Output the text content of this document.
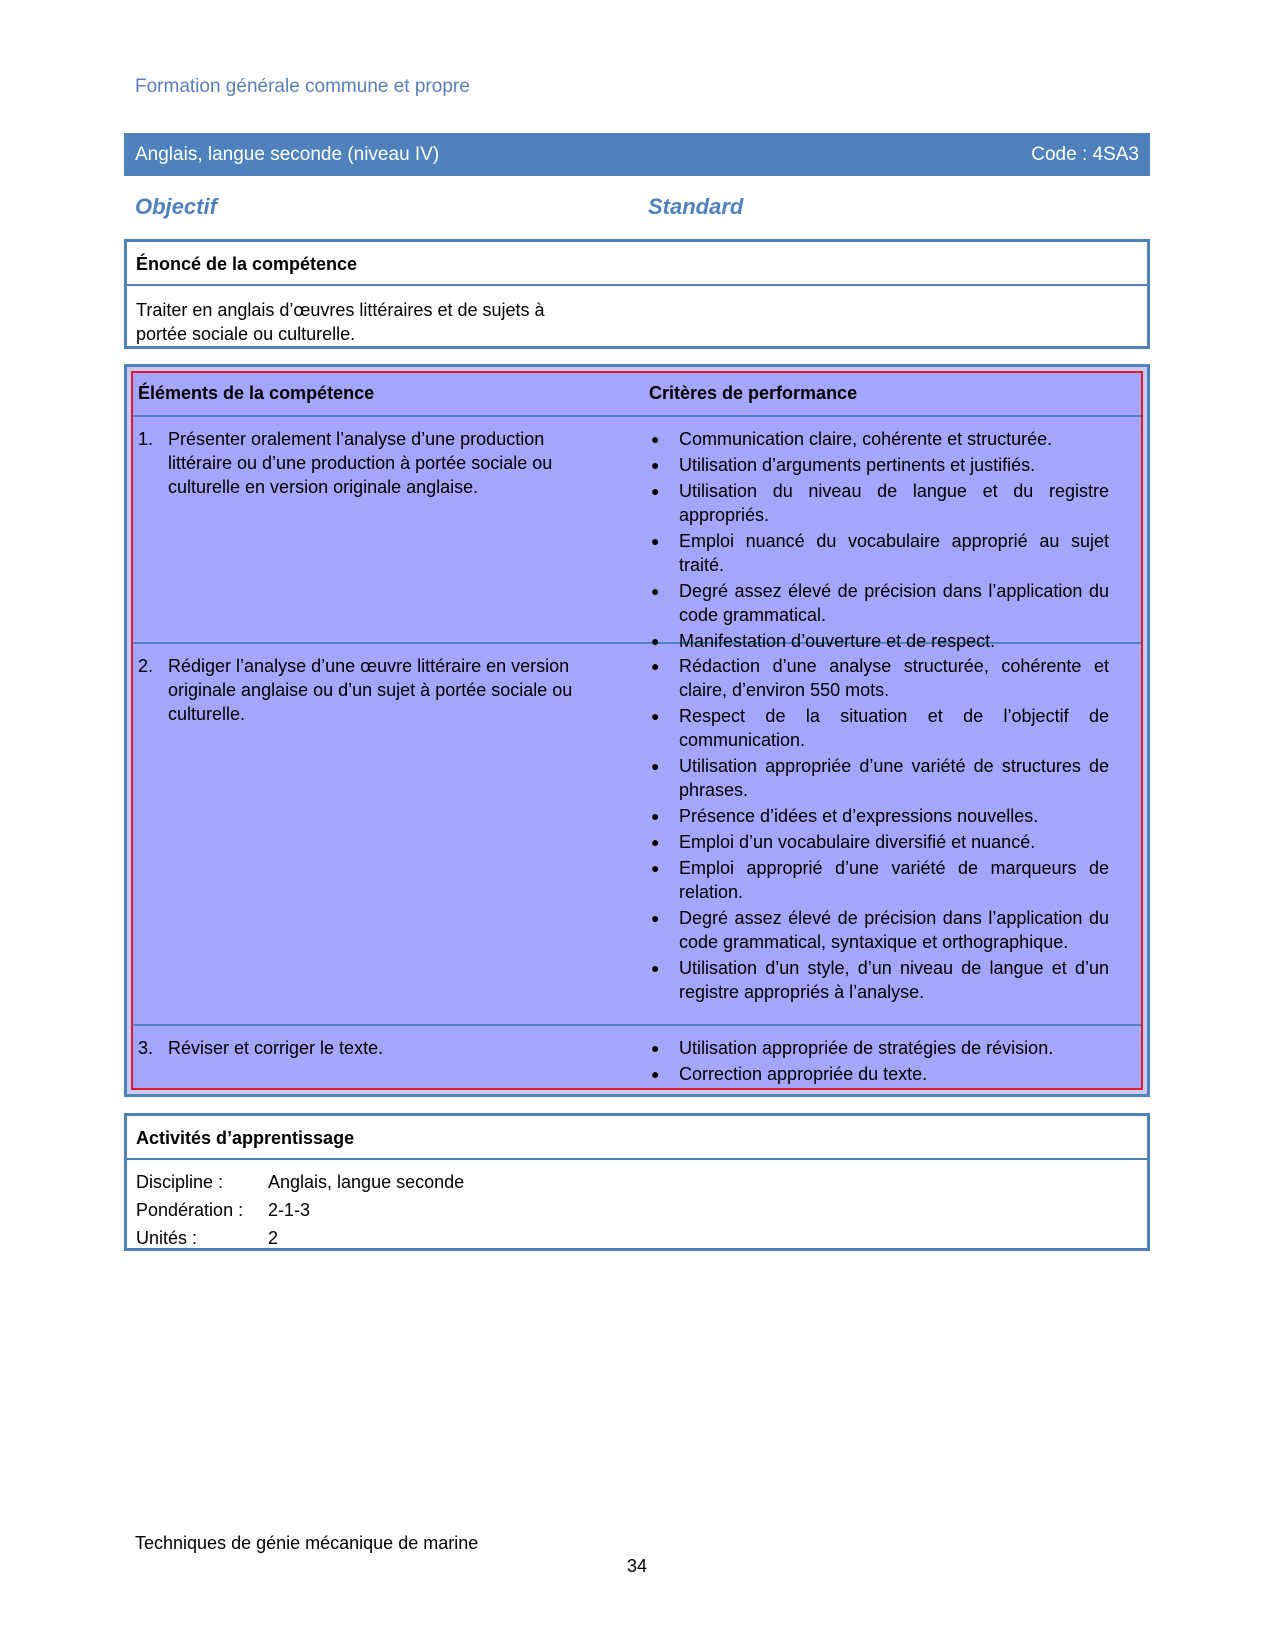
Formation générale commune et propre
Anglais, langue seconde (niveau IV)	Code : 4SA3
Objectif	Standard
Énoncé de la compétence
Traiter en anglais d’œuvres littéraires et de sujets à portée sociale ou culturelle.
Éléments de la compétence	Critères de performance
1. Présenter oralement l’analyse d’une production littéraire ou d’une production à portée sociale ou culturelle en version originale anglaise.
●	Communication claire, cohérente et structurée.
●	Utilisation d’arguments pertinents et justifiés.
●	Utilisation du niveau de langue et du registre appropriés.
●	Emploi nuancé du vocabulaire approprié au sujet traité.
●	Degré assez élevé de précision dans l’application du code grammatical.
●	Manifestation d’ouverture et de respect.
2. Rédiger l’analyse d’une œuvre littéraire en version originale anglaise ou d’un sujet à portée sociale ou culturelle.
●	Rédaction d’une analyse structurée, cohérente et claire, d’environ 550 mots.
●	Respect de la situation et de l’objectif de communication.
●	Utilisation appropriée d’une variété de structures de phrases.
●	Présence d’idées et d’expressions nouvelles.
●	Emploi d’un vocabulaire diversifié et nuancé.
●	Emploi approprié d’une variété de marqueurs de relation.
●	Degré assez élevé de précision dans l’application du code grammatical, syntaxique et orthographique.
●	Utilisation d’un style, d’un niveau de langue et d’un registre appropriés à l’analyse.
3. Réviser et corriger le texte.	●	Utilisation appropriée de stratégies de révision.
●	Correction appropriée du texte.
Activités d’apprentissage
Discipline :	Anglais, langue seconde
Pondération :	2-1-3
Unités :	2
Techniques de génie mécanique de marine
34
